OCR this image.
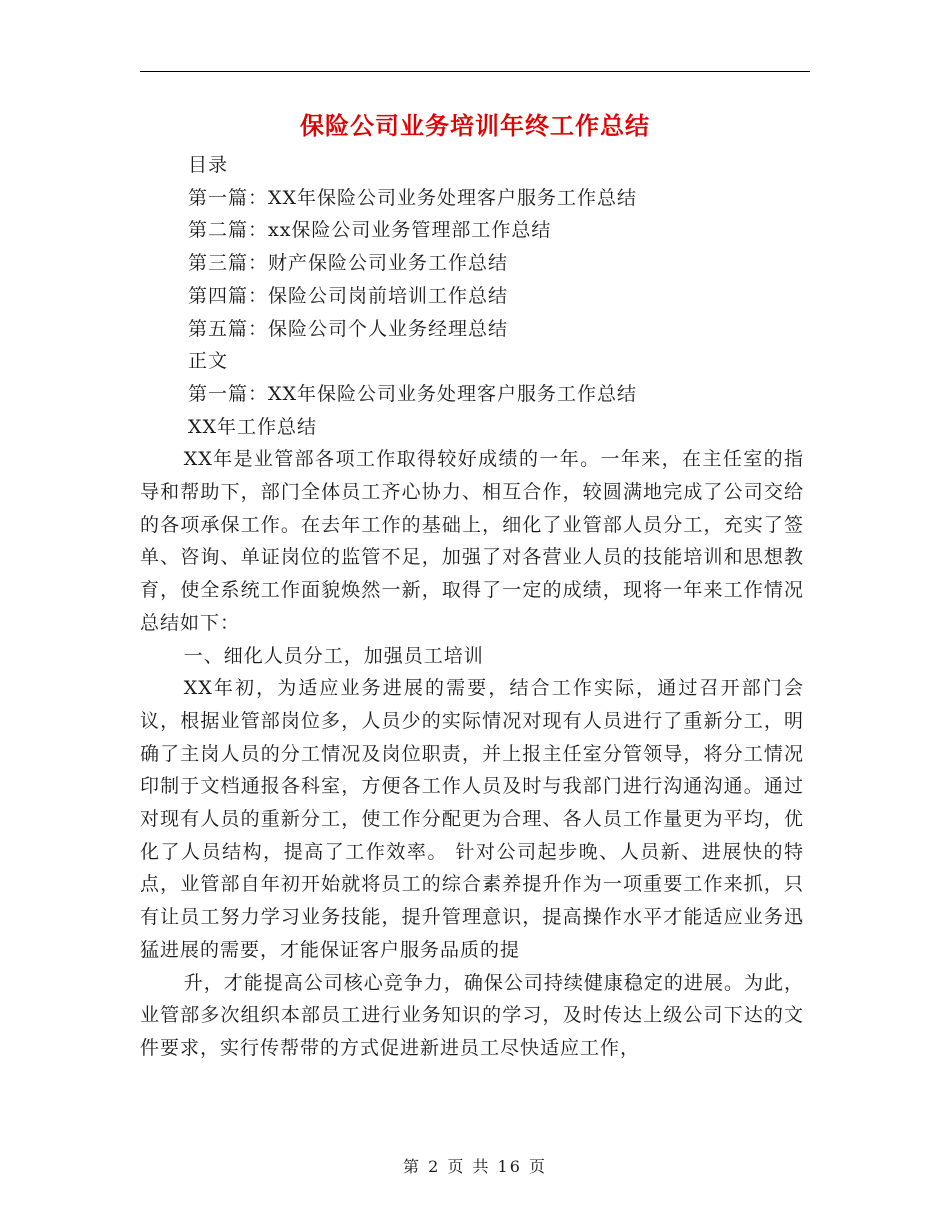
保险公司业务培训年终工作总结

目录

第一篇：XX年保险公司业务处理客户服务工作总结

第二篇：xx保险公司业务管理部工作总结

第三篇：财产保险公司业务工作总结

第四篇：保险公司岗前培训工作总结

第五篇：保险公司个人业务经理总结

正文

第一篇：XX年保险公司业务处理客户服务工作总结

XX年工作总结

XX年是业管部各项工作取得较好成绩的一年。一年来，在主任室的指导和帮助下，部门全体员工齐心协力、相互合作，较圆满地完成了公司交给的各项承保工作。在去年工作的基础上，细化了业管部人员分工，充实了签单、咨询、单证岗位的监管不足，加强了对各营业人员的技能培训和思想教育，使全系统工作面貌焕然一新，取得了一定的成绩，现将一年来工作情况总结如下：

一、细化人员分工，加强员工培训

XX年初，为适应业务进展的需要，结合工作实际，通过召开部门会议，根据业管部岗位多，人员少的实际情况对现有人员进行了重新分工，明确了主岗人员的分工情况及岗位职责，并上报主任室分管领导，将分工情况印制于文档通报各科室，方便各工作人员及时与我部门进行沟通沟通。通过对现有人员的重新分工，使工作分配更为合理、各人员工作量更为平均，优化了人员结构，提高了工作效率。 针对公司起步晚、人员新、进展快的特点，业管部自年初开始就将员工的综合素养提升作为一项重要工作来抓，只有让员工努力学习业务技能，提升管理意识，提高操作水平才能适应业务迅猛进展的需要，才能保证客户服务品质的提

升，才能提高公司核心竞争力，确保公司持续健康稳定的进展。为此，业管部多次组织本部员工进行业务知识的学习，及时传达上级公司下达的文件要求，实行传帮带的方式促进新进员工尽快适应工作，

第 2 页 共 16 页
